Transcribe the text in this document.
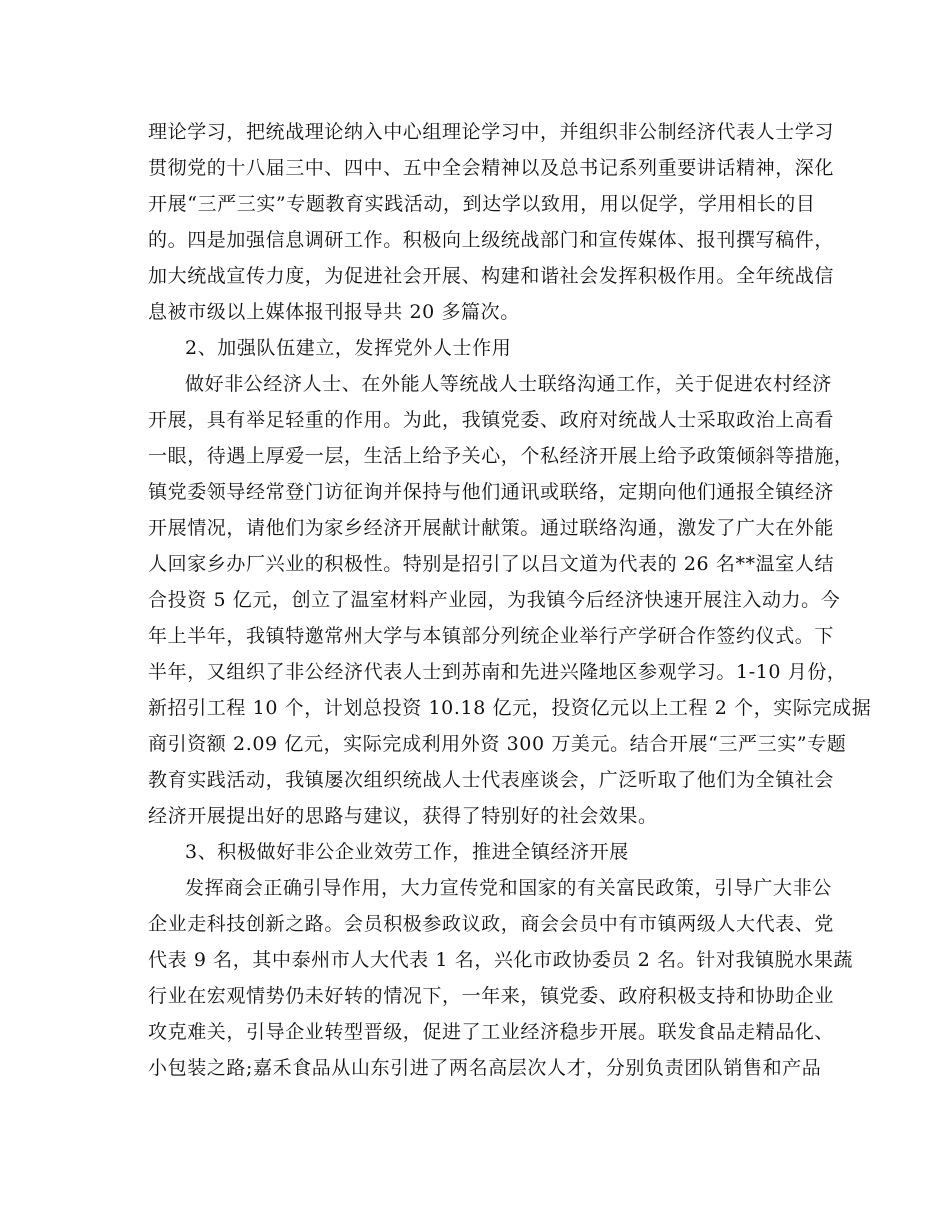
理论学习，把统战理论纳入中心组理论学习中，并组织非公制经济代表人士学习

贯彻党的十八届三中、四中、五中全会精神以及总书记系列重要讲话精神，深化

开展“三严三实”专题教育实践活动，到达学以致用，用以促学，学用相长的目

的。四是加强信息调研工作。积极向上级统战部门和宣传媒体、报刊撰写稿件，

加大统战宣传力度，为促进社会开展、构建和谐社会发挥积极作用。全年统战信

息被市级以上媒体报刊报导共 20 多篇次。

2、加强队伍建立，发挥党外人士作用

做好非公经济人士、在外能人等统战人士联络沟通工作，关于促进农村经济

开展，具有举足轻重的作用。为此，我镇党委、政府对统战人士采取政治上高看

一眼，待遇上厚爱一层，生活上给予关心，个私经济开展上给予政策倾斜等措施，

镇党委领导经常登门访征询并保持与他们通讯或联络，定期向他们通报全镇经济

开展情况，请他们为家乡经济开展献计献策。通过联络沟通，激发了广大在外能

人回家乡办厂兴业的积极性。特别是招引了以吕文道为代表的 26 名**温室人结

合投资 5 亿元，创立了温室材料产业园，为我镇今后经济快速开展注入动力。今

年上半年，我镇特邀常州大学与本镇部分列统企业举行产学研合作签约仪式。下

半年，又组织了非公经济代表人士到苏南和先进兴隆地区参观学习。1-10 月份，

新招引工程 10 个，计划总投资 10.18 亿元，投资亿元以上工程 2 个，实际完成据

商引资额 2.09 亿元，实际完成利用外资 300 万美元。结合开展“三严三实”专题

教育实践活动，我镇屡次组织统战人士代表座谈会，广泛听取了他们为全镇社会

经济开展提出好的思路与建议，获得了特别好的社会效果。

3、积极做好非公企业效劳工作，推进全镇经济开展

发挥商会正确引导作用，大力宣传党和国家的有关富民政策，引导广大非公

企业走科技创新之路。会员积极参政议政，商会会员中有市镇两级人大代表、党

代表 9 名，其中泰州市人大代表 1 名，兴化市政协委员 2 名。针对我镇脱水果蔬

行业在宏观情势仍未好转的情况下，一年来，镇党委、政府积极支持和协助企业

攻克难关，引导企业转型晋级，促进了工业经济稳步开展。联发食品走精品化、

小包装之路;嘉禾食品从山东引进了两名高层次人才，分别负责团队销售和产品
